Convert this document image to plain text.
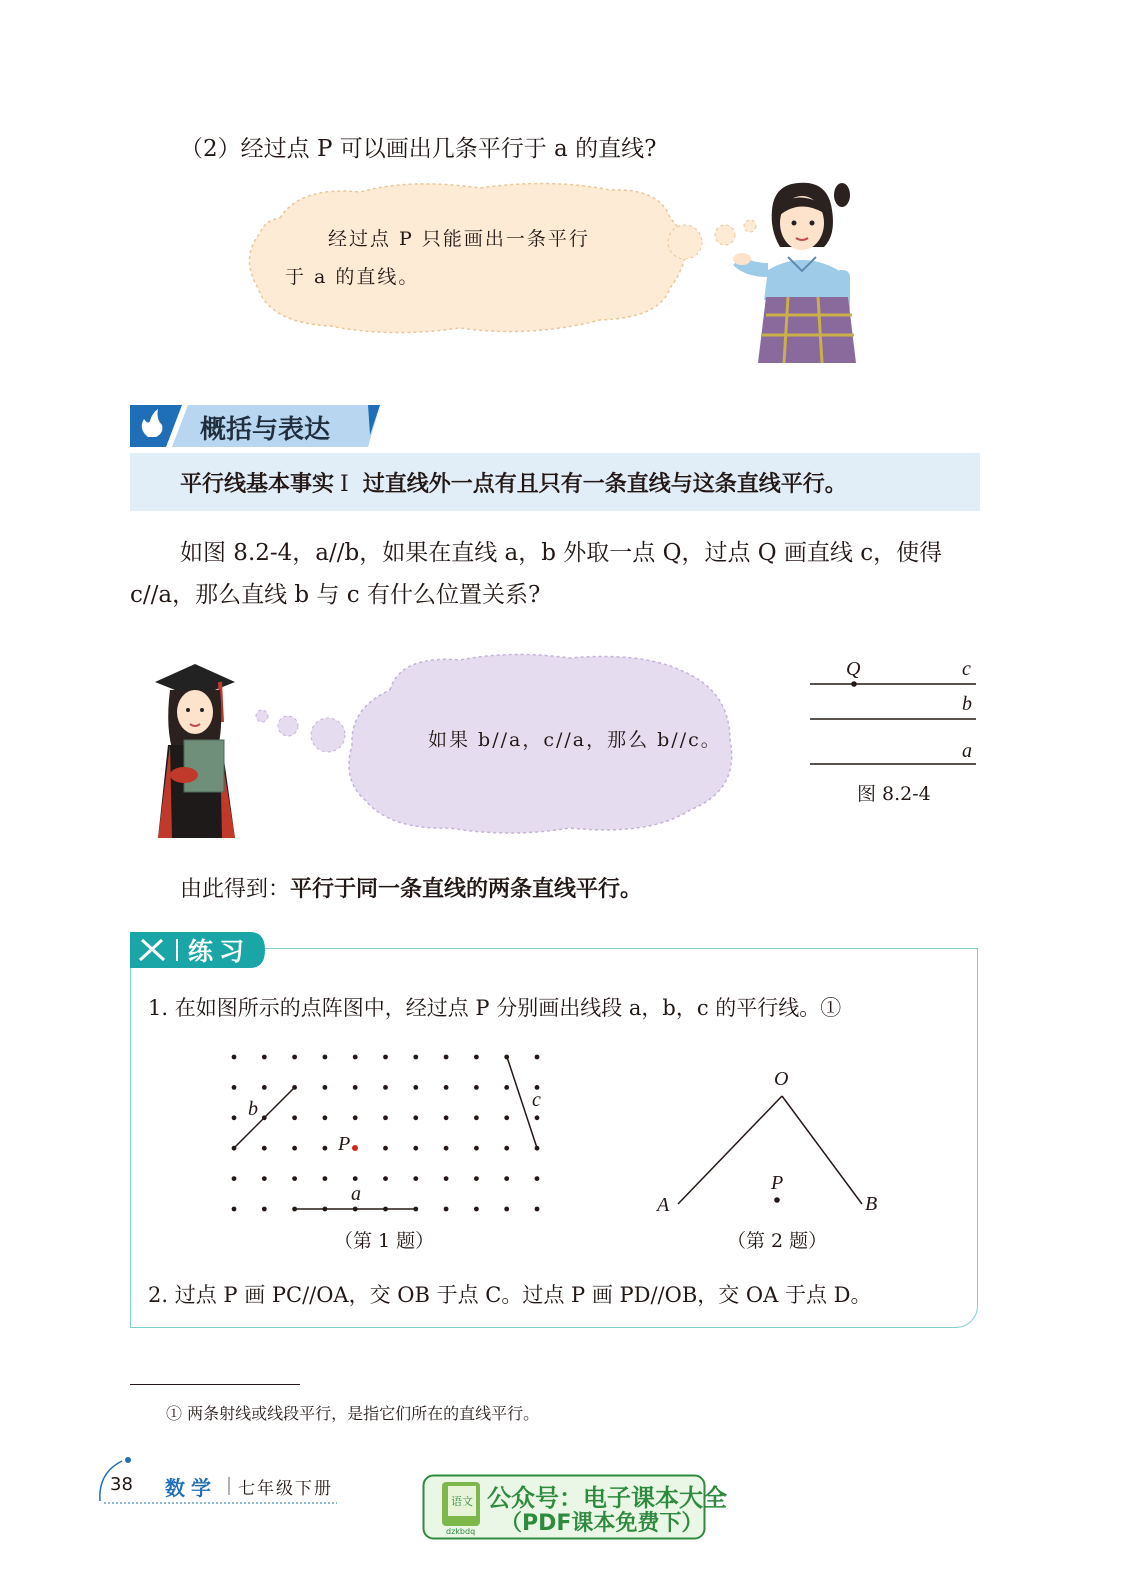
（2）经过点 P 可以画出几条平行于 a 的直线?
经过点 P 只能画出一条平行
于 a 的直线。
概括与表达
平行线基本事实 Ⅰ 过直线外一点有且只有一条直线与这条直线平行。
如图 8.2-4，a//b，如果在直线 a，b 外取一点 Q，过点 Q 画直线 c，使得 c//a，那么直线 b 与 c 有什么位置关系?
如果 b//a，c//a，那么 b//c。
Q	c
b
a
图 8.2-4
由此得到：平行于同一条直线的两条直线平行。
练习
1. 在如图所示的点阵图中，经过点 P 分别画出线段 a，b，c 的平行线。①
a
b	c
P
（第 1 题）
O
A	B
P
（第 2 题）
2. 过点 P 画 PC//OA，交 OB 于点 C。过点 P 画 PD//OB，交 OA 于点 D。
① 两条射线或线段平行，是指它们所在的直线平行。
38 数学 七年级下册
语文
dzkbdq
公众号：电子课本大全
（PDF课本免费下）
